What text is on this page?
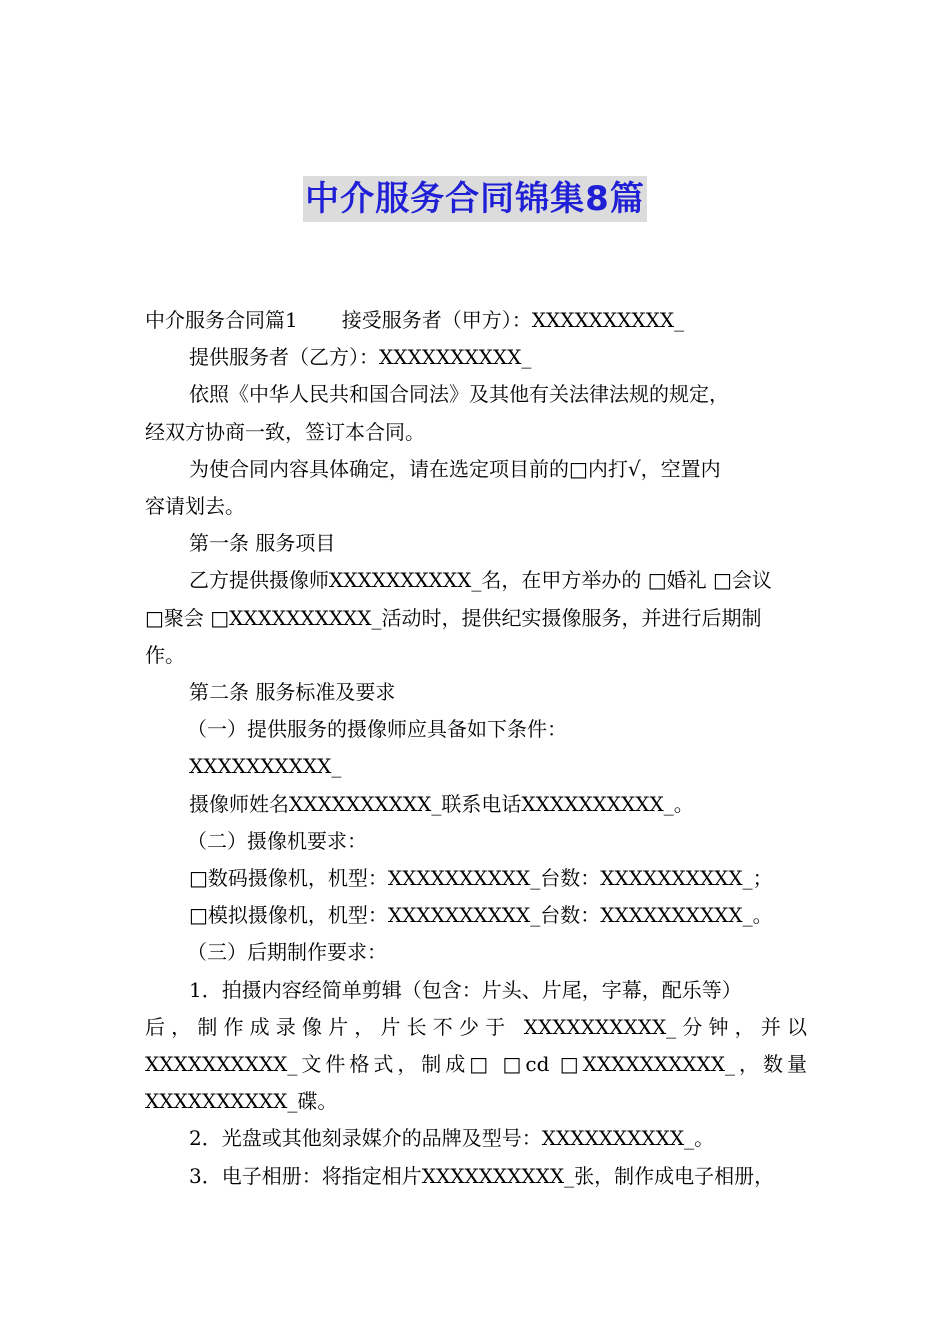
中介服务合同锦集8篇

中介服务合同篇1 接受服务者（甲方）：XXXXXXXXXX_

提供服务者（乙方）：XXXXXXXXXX_

依照《中华人民共和国合同法》及其他有关法律法规的规定，

经双方协商一致，签订本合同。

为使合同内容具体确定，请在选定项目前的□内打√，空置内

容请划去。

第一条 服务项目

乙方提供摄像师XXXXXXXXXX_名，在甲方举办的 □婚礼 □会议

□聚会 □XXXXXXXXXX_活动时，提供纪实摄像服务，并进行后期制

作。

第二条 服务标准及要求

（一）提供服务的摄像师应具备如下条件：

XXXXXXXXXX_

摄像师姓名XXXXXXXXXX_联系电话XXXXXXXXXX_。

（二）摄像机要求：

□数码摄像机，机型：XXXXXXXXXX_台数：XXXXXXXXXX_；

□模拟摄像机，机型：XXXXXXXXXX_台数：XXXXXXXXXX_。

（三）后期制作要求：

1．拍摄内容经简单剪辑（包含：片头、片尾，字幕，配乐等）

后，制作成录像片，片长不少于 XXXXXXXXXX_分钟，并以

XXXXXXXXXX_文件格式，制成□ □cd □XXXXXXXXXX_，数量

XXXXXXXXXX_碟。

2．光盘或其他刻录媒介的品牌及型号：XXXXXXXXXX_。

3．电子相册：将指定相片XXXXXXXXXX_张，制作成电子相册，
